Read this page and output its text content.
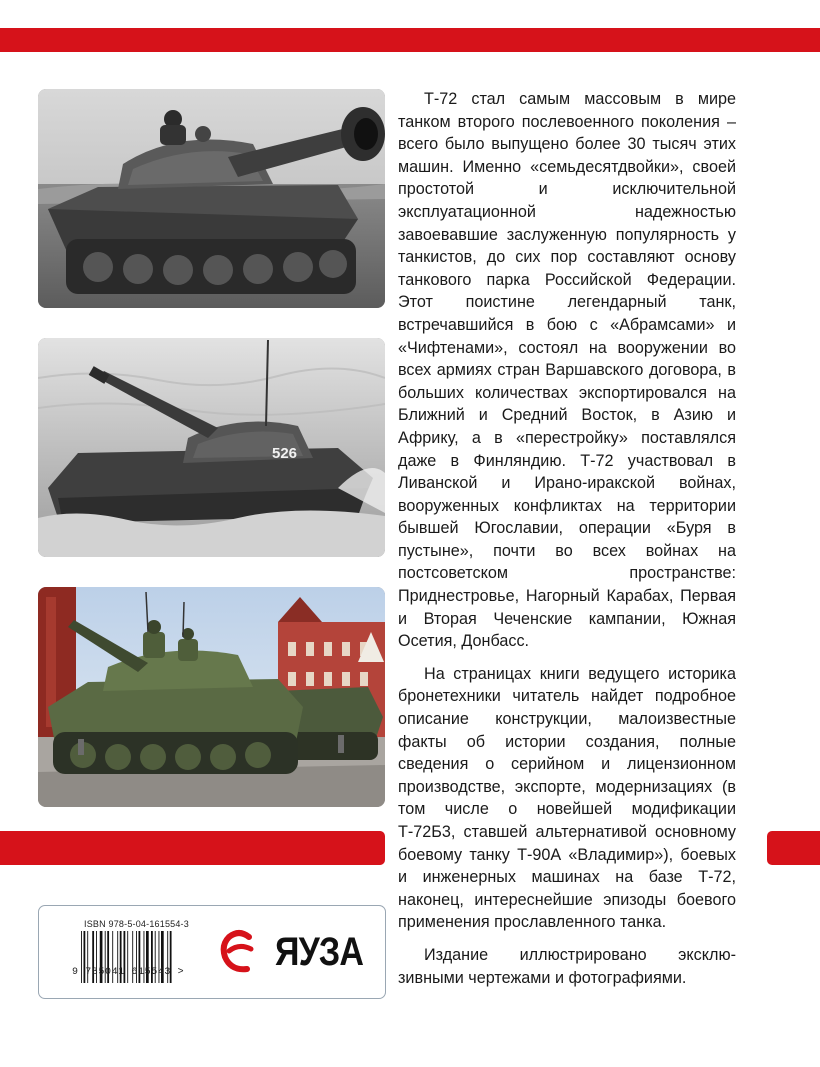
526

Т-72 стал самым массовым в мире танком второго послевоенного поколения – всего было выпущено более 30 тысяч этих машин. Именно «семьдесятдвойки», своей простотой и исключительной эксплуатационной надежностью завоевавшие заслуженную популярность у танкистов, до сих пор составляют основу танкового парка Российской Федерации. Этот поистине легендарный танк, встречавшийся в бою с «Абрамсами» и «Чифтенами», состоял на вооружении во всех армиях стран Варшавского договора, в больших количествах экспортировался на Ближний и Средний Восток, в Азию и Африку, а в «перестройку» поставлялся даже в Финляндию. Т-72 участвовал в Ливанской и Ирано-иракской войнах, вооруженных конфликтах на территории бывшей Югославии, операции «Буря в пустыне», почти во всех войнах на постсоветском пространстве: Приднестровье, Нагорный Карабах, Первая и Вторая Чеченские кампании, Южная Осетия, Донбасс.

На страницах книги ведущего историка бронетехники читатель найдет подробное описание конструкции, малоизвестные факты об истории создания, полные сведения о серийном и лицензионном производстве, экспорте, модернизациях (в том числе о новейшей модификации Т-72Б3, ставшей альтернативой основному боевому танку Т-90А «Владимир»), боевых и инженерных машинах на базе Т-72, наконец, интереснейшие эпизоды боевого применения прославленного танка.

Издание иллюстрировано эксклюзивными чертежами и фотографиями.

ISBN 978-5-04-161554-3
9 785041 615543 >	ЯУЗА
